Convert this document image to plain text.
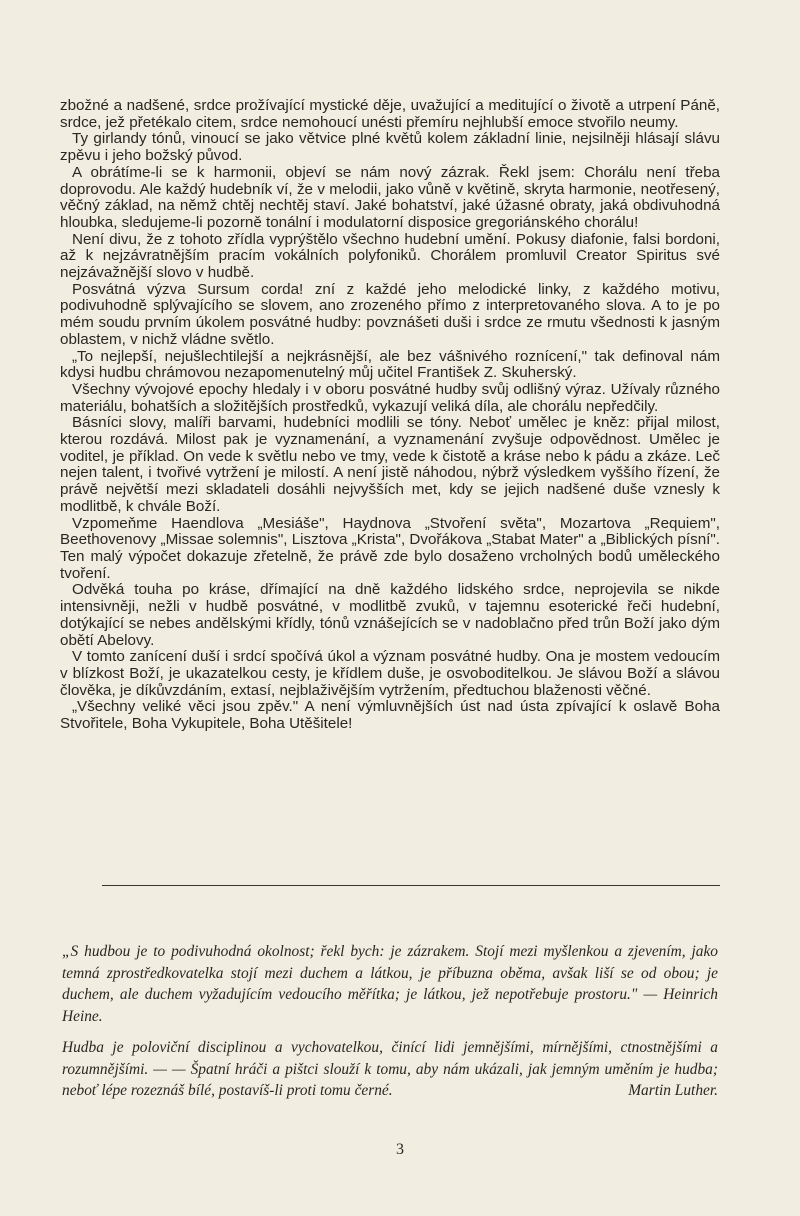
zbožné a nadšené, srdce prožívající mystické děje, uvažující a meditující o životě a utrpení Páně, srdce, jež přetékalo citem, srdce nemohoucí unésti přemíru nejhlubší emoce stvořilo neumy.

Ty girlandy tónů, vinoucí se jako větvice plné květů kolem základní linie, nejsilněji hlásají slávu zpěvu i jeho božský původ.

A obrátíme-li se k harmonii, objeví se nám nový zázrak. Řekl jsem: Chorálu není třeba doprovodu. Ale každý hudebník ví, že v melodii, jako vůně v květině, skryta harmonie, neotřesený, věčný základ, na němž chtěj nechtěj staví. Jaké bohatství, jaké úžasné obraty, jaká obdivuhodná hloubka, sledujeme-li pozorně tonální i modulatorní disposice gregoriánského chorálu!

Není divu, že z tohoto zřídla vyprýštělo všechno hudební umění. Pokusy diafonie, falsi bordoni, až k nejzávratnějším pracím vokálních polyfoniků. Chorálem promluvil Creator Spiritus své nejzávažnější slovo v hudbě.

Posvátná výzva Sursum corda! zní z každé jeho melodické linky, z každého motivu, podivuhodně splývajícího se slovem, ano zrozeného přímo z interpretovaného slova. A to je po mém soudu prvním úkolem posvátné hudby: povznášeti duši i srdce ze rmutu všednosti k jasným oblastem, v nichž vládne světlo.

„To nejlepší, nejušlechtilejší a nejkrásnější, ale bez vášnivého roznícení," tak definoval nám kdysi hudbu chrámovou nezapomenutelný můj učitel František Z. Skuherský.

Všechny vývojové epochy hledaly i v oboru posvátné hudby svůj odlišný výraz. Užívaly různého materiálu, bohatších a složitějších prostředků, vykazují veliká díla, ale chorálu nepředčily.

Básníci slovy, malíři barvami, hudebníci modlili se tóny. Neboť umělec je kněz: přijal milost, kterou rozdává. Milost pak je vyznamenání, a vyznamenání zvyšuje odpovědnost. Umělec je voditel, je příklad. On vede k světlu nebo ve tmy, vede k čistotě a kráse nebo k pádu a zkáze. Leč nejen talent, i tvořivé vytržení je milostí. A není jistě náhodou, nýbrž výsledkem vyššího řízení, že právě největší mezi skladateli dosáhli nejvyšších met, kdy se jejich nadšené duše vznesly k modlitbě, k chvále Boží.

Vzpomeňme Haendlova „Mesiáše", Haydnova „Stvoření světa", Mozartova „Requiem", Beethovenovy „Missae solemnis", Lisztova „Krista", Dvořákova „Stabat Mater" a „Biblických písní". Ten malý výpočet dokazuje zřetelně, že právě zde bylo dosaženo vrcholných bodů uměleckého tvoření.

Odvěká touha po kráse, dřímající na dně každého lidského srdce, neprojevila se nikde intensivněji, nežli v hudbě posvátné, v modlitbě zvuků, v tajemnu esoterické řeči hudební, dotýkající se nebes andělskými křídly, tónů vznášejících se v nadoblačno před trůn Boží jako dým obětí Abelovy.

V tomto zanícení duší i srdcí spočívá úkol a význam posvátné hudby. Ona je mostem vedoucím v blízkost Boží, je ukazatelkou cesty, je křídlem duše, je osvoboditelkou. Je slávou Boží a slávou člověka, je díkůvzdáním, extasí, nejblaživějším vytržením, předtuchou blaženosti věčné.

„Všechny veliké věci jsou zpěv." A není výmluvnějších úst nad ústa zpívající k oslavě Boha Stvořitele, Boha Vykupitele, Boha Utěšitele!

„S hudbou je to podivuhodná okolnost; řekl bych: je zázrakem. Stojí mezi myšlenkou a zjevením, jako temná zprostředkovatelka stojí mezi duchem a látkou, je příbuzna oběma, avšak liší se od obou; je duchem, ale duchem vyžadujícím vedoucího měřítka; je látkou, jež nepotřebuje prostoru." — Heinrich Heine.

Hudba je poloviční disciplinou a vychovatelkou, činící lidi jemnějšími, mírnějšími, ctnostnějšími a rozumnějšími. — — Špatní hráči a pištci slouží k tomu, aby nám ukázali, jak jemným uměním je hudba; neboť lépe rozeznáš bílé, postavíš-li proti tomu černé.	Martin Luther.

3
